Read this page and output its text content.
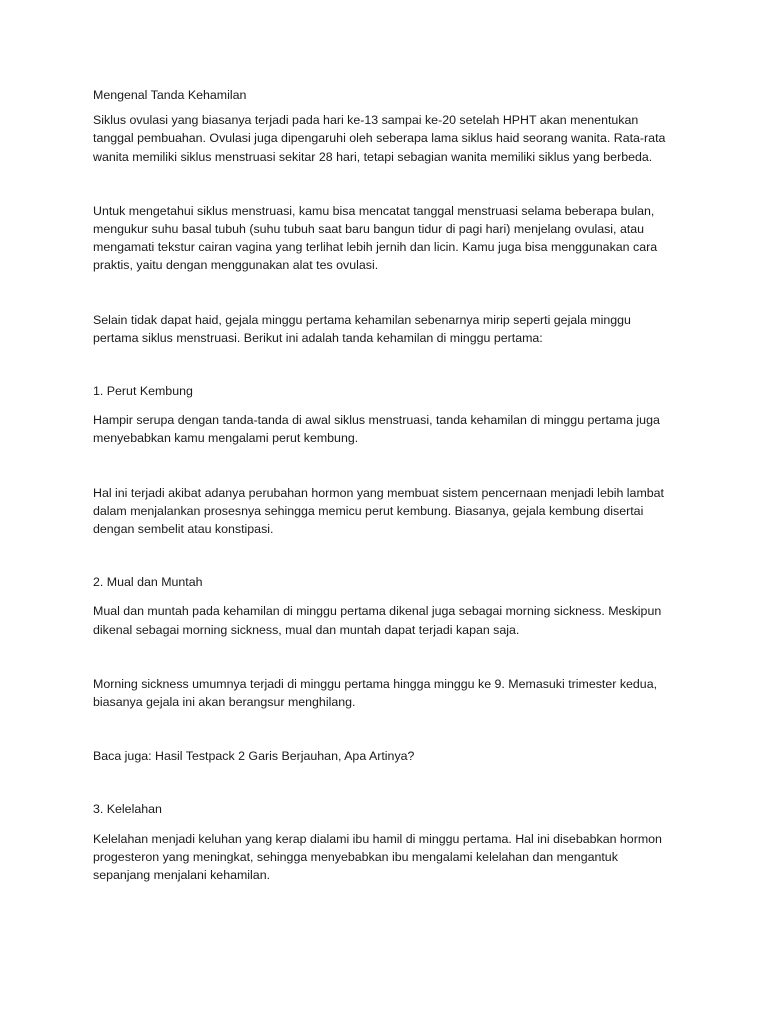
Mengenal Tanda Kehamilan

Siklus ovulasi yang biasanya terjadi pada hari ke-13 sampai ke-20 setelah HPHT akan menentukan tanggal pembuahan. Ovulasi juga dipengaruhi oleh seberapa lama siklus haid seorang wanita. Rata-rata wanita memiliki siklus menstruasi sekitar 28 hari, tetapi sebagian wanita memiliki siklus yang berbeda.

Untuk mengetahui siklus menstruasi, kamu bisa mencatat tanggal menstruasi selama beberapa bulan, mengukur suhu basal tubuh (suhu tubuh saat baru bangun tidur di pagi hari) menjelang ovulasi, atau mengamati tekstur cairan vagina yang terlihat lebih jernih dan licin. Kamu juga bisa menggunakan cara praktis, yaitu dengan menggunakan alat tes ovulasi.

Selain tidak dapat haid, gejala minggu pertama kehamilan sebenarnya mirip seperti gejala minggu pertama siklus menstruasi. Berikut ini adalah tanda kehamilan di minggu pertama:

1. Perut Kembung

Hampir serupa dengan tanda-tanda di awal siklus menstruasi, tanda kehamilan di minggu pertama juga menyebabkan kamu mengalami perut kembung.

Hal ini terjadi akibat adanya perubahan hormon yang membuat sistem pencernaan menjadi lebih lambat dalam menjalankan prosesnya sehingga memicu perut kembung. Biasanya, gejala kembung disertai dengan sembelit atau konstipasi.

2. Mual dan Muntah

Mual dan muntah pada kehamilan di minggu pertama dikenal juga sebagai morning sickness. Meskipun dikenal sebagai morning sickness, mual dan muntah dapat terjadi kapan saja.

Morning sickness umumnya terjadi di minggu pertama hingga minggu ke 9. Memasuki trimester kedua, biasanya gejala ini akan berangsur menghilang.

Baca juga: Hasil Testpack 2 Garis Berjauhan, Apa Artinya?

3. Kelelahan

Kelelahan menjadi keluhan yang kerap dialami ibu hamil di minggu pertama. Hal ini disebabkan hormon progesteron yang meningkat, sehingga menyebabkan ibu mengalami kelelahan dan mengantuk sepanjang menjalani kehamilan.
